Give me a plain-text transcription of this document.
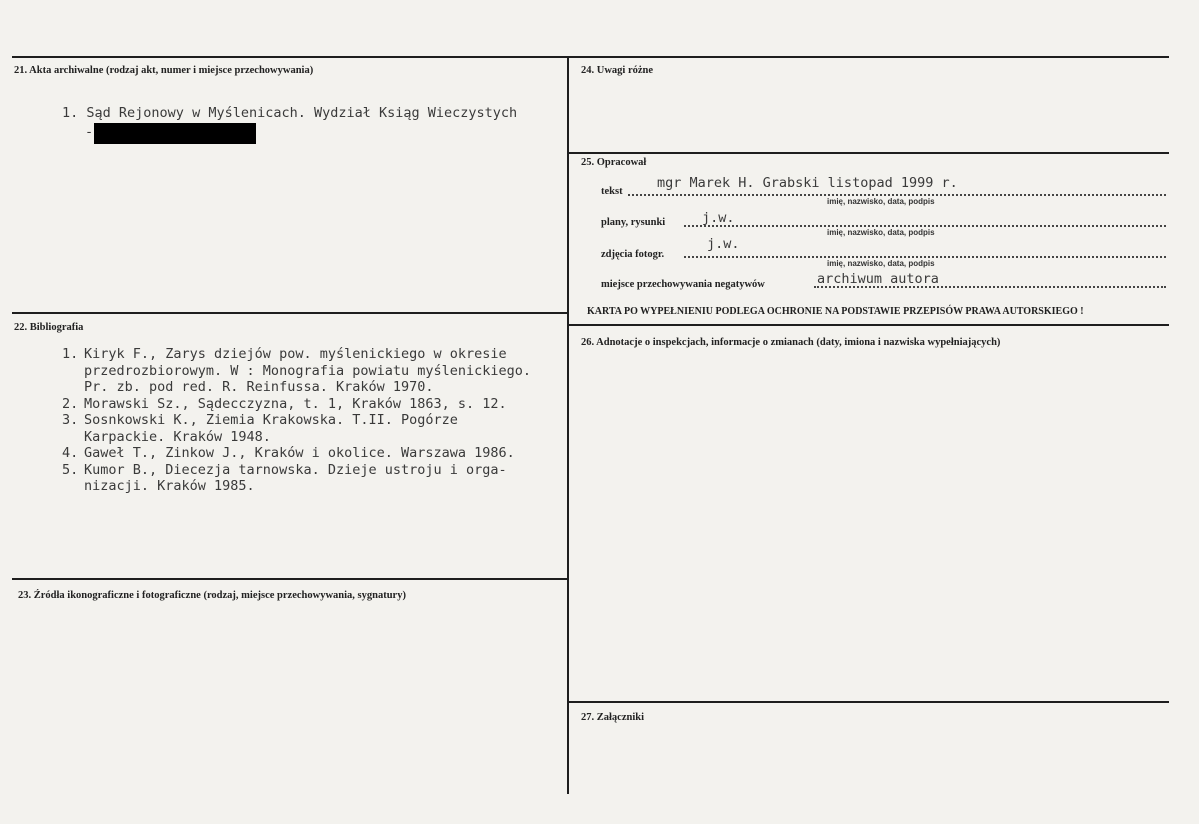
21. Akta archiwalne (rodzaj akt, numer i miejsce przechowywania)
1. Sąd Rejonowy w Myślenicach. Wydział Ksiąg Wieczystych
-
22. Bibliografia
1. Kiryk F., Zarys dziejów pow. myślenickiego w okresie
przedrozbiorowym. W : Monografia powiatu myślenickiego.
Pr. zb. pod red. R. Reinfussa. Kraków 1970.
2. Morawski Sz., Sądecczyzna, t. 1, Kraków 1863, s. 12.
3. Sosnkowski K., Ziemia Krakowska. T.II. Pogórze
Karpackie. Kraków 1948.
4. Gaweł T., Zinkow J., Kraków i okolice. Warszawa 1986.
5. Kumor B., Diecezja tarnowska. Dzieje ustroju i orga-
nizacji. Kraków 1985.
23. Źródła ikonograficzne i fotograficzne (rodzaj, miejsce przechowywania, sygnatury)
24. Uwagi różne
25. Opracował
tekst
mgr Marek H. Grabski listopad 1999 r.
imię, nazwisko, data, podpis
plany, rysunki	j.w.
imię, nazwisko, data, podpis
zdjęcia fotogr.
j.w.
imię, nazwisko, data, podpis
miejsce przechowywania negatywów	archiwum autora
KARTA PO WYPEŁNIENIU PODLEGA OCHRONIE NA PODSTAWIE PRZEPISÓW PRAWA AUTORSKIEGO !
26. Adnotacje o inspekcjach, informacje o zmianach (daty, imiona i nazwiska wypełniających)
27. Załączniki
